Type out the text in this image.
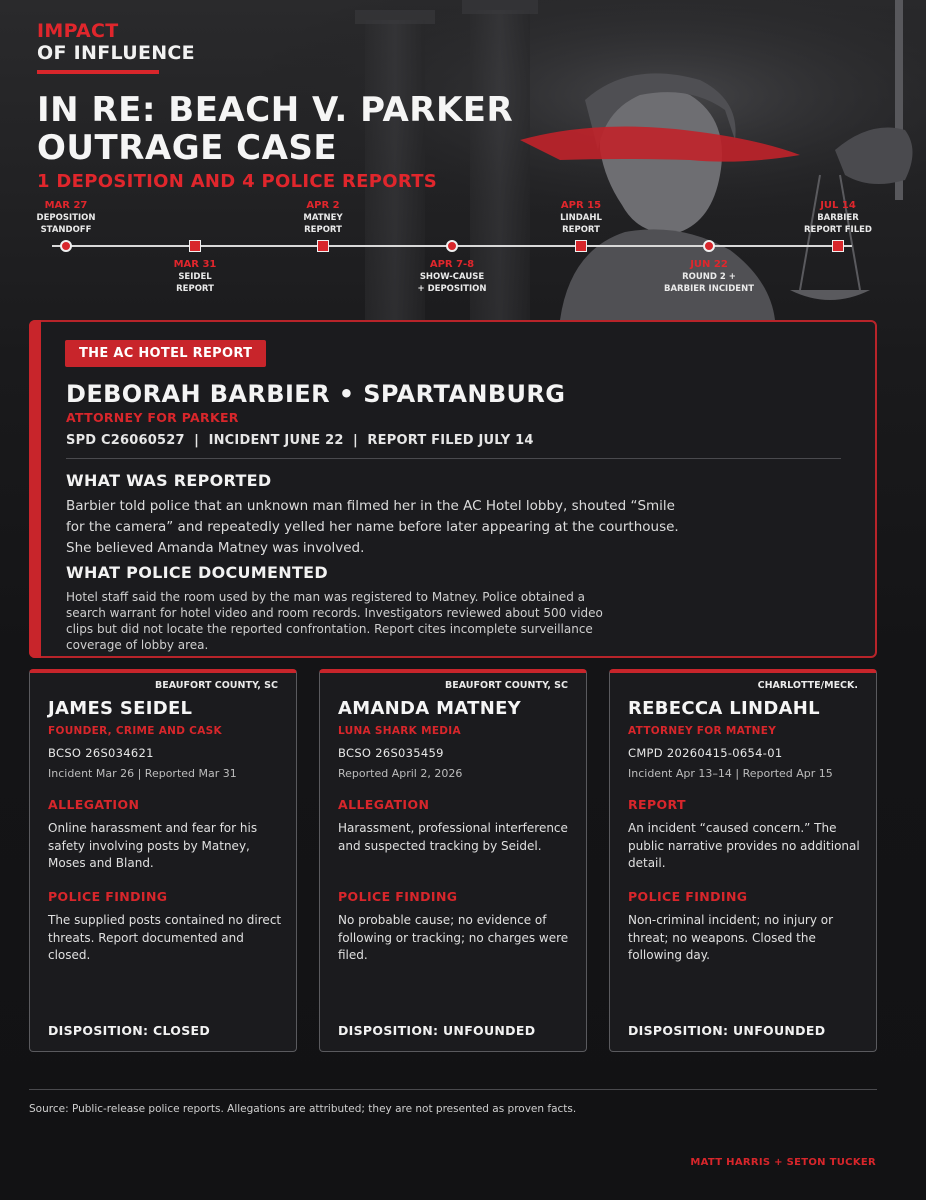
IMPACT
OF INFLUENCE
IN RE: BEACH V. PARKER
OUTRAGE CASE
1 DEPOSITION AND 4 POLICE REPORTS
MAR 27
DEPOSITION
STANDOFF
APR 2
MATNEY
REPORT
APR 15
LINDAHL
REPORT
JUL 14
BARBIER
REPORT FILED
MAR 31
SEIDEL
REPORT
APR 7-8
SHOW-CAUSE
+ DEPOSITION
JUN 22
ROUND 2 +
BARBIER INCIDENT
THE AC HOTEL REPORT
DEBORAH BARBIER • SPARTANBURG
ATTORNEY FOR PARKER
SPD C26060527  |  INCIDENT JUNE 22  |  REPORT FILED JULY 14
WHAT WAS REPORTED
Barbier told police that an unknown man filmed her in the AC Hotel lobby, shouted “Smile for the camera” and repeatedly yelled her name before later appearing at the courthouse. She believed Amanda Matney was involved.
WHAT POLICE DOCUMENTED
Hotel staff said the room used by the man was registered to Matney. Police obtained a search warrant for hotel video and room records. Investigators reviewed about 500 video clips but did not locate the reported confrontation. Report cites incomplete surveillance coverage of lobby area.
BEAUFORT COUNTY, SC
JAMES SEIDEL
FOUNDER, CRIME AND CASK
BCSO 26S034621
Incident Mar 26 | Reported Mar 31
ALLEGATION
Online harassment and fear for his safety involving posts by Matney, Moses and Bland.
POLICE FINDING
The supplied posts contained no direct threats. Report documented and closed.
DISPOSITION: CLOSED
BEAUFORT COUNTY, SC
AMANDA MATNEY
LUNA SHARK MEDIA
BCSO 26S035459
Reported April 2, 2026
ALLEGATION
Harassment, professional interference and suspected tracking by Seidel.
POLICE FINDING
No probable cause; no evidence of following or tracking; no charges were filed.
DISPOSITION: UNFOUNDED
CHARLOTTE/MECK.
REBECCA LINDAHL
ATTORNEY FOR MATNEY
CMPD 20260415-0654-01
Incident Apr 13–14 | Reported Apr 15
REPORT
An incident “caused concern.” The public narrative provides no additional detail.
POLICE FINDING
Non-criminal incident; no injury or threat; no weapons. Closed the following day.
DISPOSITION: UNFOUNDED
Source: Public-release police reports. Allegations are attributed; they are not presented as proven facts.
MATT HARRIS + SETON TUCKER
